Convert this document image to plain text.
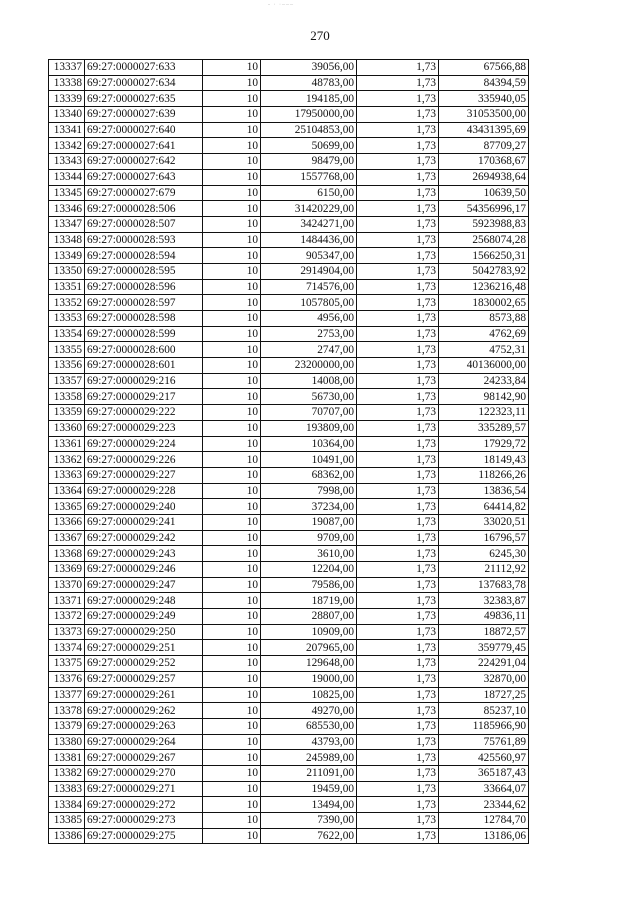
- · ·–––
270
13337	69:27:0000027:633	10	39056,00	1,73	67566,88
13338	69:27:0000027:634	10	48783,00	1,73	84394,59
13339	69:27:0000027:635	10	194185,00	1,73	335940,05
13340	69:27:0000027:639	10	17950000,00	1,73	31053500,00
13341	69:27:0000027:640	10	25104853,00	1,73	43431395,69
13342	69:27:0000027:641	10	50699,00	1,73	87709,27
13343	69:27:0000027:642	10	98479,00	1,73	170368,67
13344	69:27:0000027:643	10	1557768,00	1,73	2694938,64
13345	69:27:0000027:679	10	6150,00	1,73	10639,50
13346	69:27:0000028:506	10	31420229,00	1,73	54356996,17
13347	69:27:0000028:507	10	3424271,00	1,73	5923988,83
13348	69:27:0000028:593	10	1484436,00	1,73	2568074,28
13349	69:27:0000028:594	10	905347,00	1,73	1566250,31
13350	69:27:0000028:595	10	2914904,00	1,73	5042783,92
13351	69:27:0000028:596	10	714576,00	1,73	1236216,48
13352	69:27:0000028:597	10	1057805,00	1,73	1830002,65
13353	69:27:0000028:598	10	4956,00	1,73	8573,88
13354	69:27:0000028:599	10	2753,00	1,73	4762,69
13355	69:27:0000028:600	10	2747,00	1,73	4752,31
13356	69:27:0000028:601	10	23200000,00	1,73	40136000,00
13357	69:27:0000029:216	10	14008,00	1,73	24233,84
13358	69:27:0000029:217	10	56730,00	1,73	98142,90
13359	69:27:0000029:222	10	70707,00	1,73	122323,11
13360	69:27:0000029:223	10	193809,00	1,73	335289,57
13361	69:27:0000029:224	10	10364,00	1,73	17929,72
13362	69:27:0000029:226	10	10491,00	1,73	18149,43
13363	69:27:0000029:227	10	68362,00	1,73	118266,26
13364	69:27:0000029:228	10	7998,00	1,73	13836,54
13365	69:27:0000029:240	10	37234,00	1,73	64414,82
13366	69:27:0000029:241	10	19087,00	1,73	33020,51
13367	69:27:0000029:242	10	9709,00	1,73	16796,57
13368	69:27:0000029:243	10	3610,00	1,73	6245,30
13369	69:27:0000029:246	10	12204,00	1,73	21112,92
13370	69:27:0000029:247	10	79586,00	1,73	137683,78
13371	69:27:0000029:248	10	18719,00	1,73	32383,87
13372	69:27:0000029:249	10	28807,00	1,73	49836,11
13373	69:27:0000029:250	10	10909,00	1,73	18872,57
13374	69:27:0000029:251	10	207965,00	1,73	359779,45
13375	69:27:0000029:252	10	129648,00	1,73	224291,04
13376	69:27:0000029:257	10	19000,00	1,73	32870,00
13377	69:27:0000029:261	10	10825,00	1,73	18727,25
13378	69:27:0000029:262	10	49270,00	1,73	85237,10
13379	69:27:0000029:263	10	685530,00	1,73	1185966,90
13380	69:27:0000029:264	10	43793,00	1,73	75761,89
13381	69:27:0000029:267	10	245989,00	1,73	425560,97
13382	69:27:0000029:270	10	211091,00	1,73	365187,43
13383	69:27:0000029:271	10	19459,00	1,73	33664,07
13384	69:27:0000029:272	10	13494,00	1,73	23344,62
13385	69:27:0000029:273	10	7390,00	1,73	12784,70
13386	69:27:0000029:275	10	7622,00	1,73	13186,06
